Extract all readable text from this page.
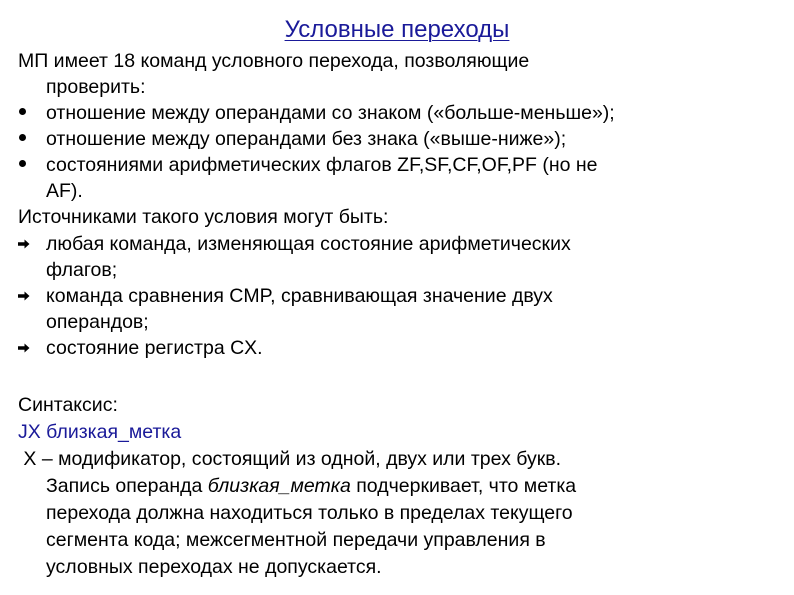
Условные переходы
МП имеет 18 команд условного перехода, позволяющие
проверить:
отношение между операндами со знаком («больше-меньше»);
отношение между операндами без знака («выше-ниже»);
состояниями арифметических флагов ZF,SF,CF,OF,PF (но не
AF).
Источниками такого условия могут быть:
любая команда, изменяющая состояние арифметических
флагов;
команда сравнения CMP, сравнивающая значение двух
операндов;
состояние регистра CX.
Синтаксис:
JX близкая_метка
X – модификатор, состоящий из одной, двух или трех букв.
Запись операнда близкая_метка подчеркивает, что метка
перехода должна находиться только в пределах текущего
сегмента кода; межсегментной передачи управления в
условных переходах не допускается.
